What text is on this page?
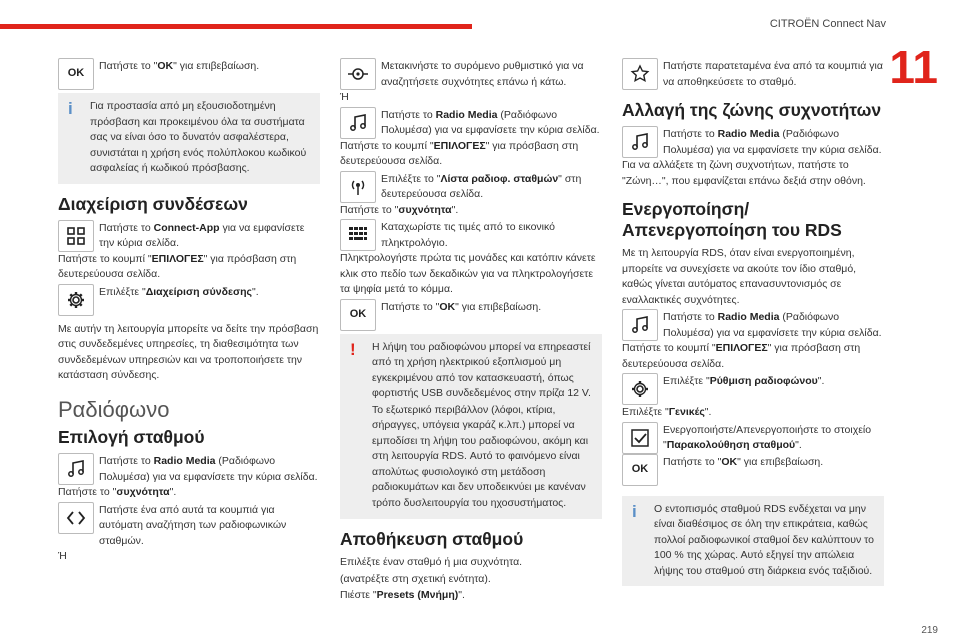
CITROËN Connect Nav
11
219
OK
Πατήστε το "OK" για επιβεβαίωση.
i Για προστασία από μη εξουσιοδοτημένη πρόσβαση και προκειμένου όλα τα συστήματα σας να είναι όσο το δυνατόν ασφαλέστερα, συνιστάται η χρήση ενός πολύπλοκου κωδικού ασφαλείας ή κωδικού πρόσβασης.
Διαχείριση συνδέσεων
Πατήστε το Connect-App για να εμφανίσετε την κύρια σελίδα.

Πατήστε το κουμπί "ΕΠΙΛΟΓΕΣ" για πρόσβαση στη δευτερεύουσα σελίδα.

Επιλέξτε "Διαχείριση σύνδεσης".

Με αυτήν τη λειτουργία μπορείτε να δείτε την πρόσβαση στις συνδεδεμένες υπηρεσίες, τη διαθεσιμότητα των συνδεδεμένων υπηρεσιών και να τροποποιήσετε την κατάσταση σύνδεσης.

Ραδιόφωνο
Επιλογή σταθμού
Πατήστε το Radio Media (Ραδιόφωνο Πολυμέσα) για να εμφανίσετε την κύρια σελίδα.

Πατήστε το "συχνότητα".

Πατήστε ένα από αυτά τα κουμπιά για αυτόματη αναζήτηση των ραδιοφωνικών σταθμών.

Ή

Μετακινήστε το συρόμενο ρυθμιστικό για να αναζητήσετε συχνότητες επάνω ή κάτω.

Ή

Πατήστε το Radio Media (Ραδιόφωνο Πολυμέσα) για να εμφανίσετε την κύρια σελίδα.

Πατήστε το κουμπί "ΕΠΙΛΟΓΕΣ" για πρόσβαση στη δευτερεύουσα σελίδα.

Επιλέξτε το "Λίστα ραδιοφ. σταθμών" στη δευτερεύουσα σελίδα.

Πατήστε το "συχνότητα".

Καταχωρίστε τις τιμές από το εικονικό πληκτρολόγιο.

Πληκτρολογήστε πρώτα τις μονάδες και κατόπιν κάνετε κλικ στο πεδίο των δεκαδικών για να πληκτρολογήσετε τα ψηφία μετά το κόμμα.

OK
Πατήστε το "OK" για επιβεβαίωση.
! Η λήψη του ραδιοφώνου μπορεί να επηρεαστεί από τη χρήση ηλεκτρικού εξοπλισμού μη εγκεκριμένου από τον κατασκευαστή, όπως φορτιστής USB συνδεδεμένος στην πρίζα 12 V.

Το εξωτερικό περιβάλλον (λόφοι, κτίρια, σήραγγες, υπόγεια γκαράζ κ.λπ.) μπορεί να εμποδίσει τη λήψη του ραδιοφώνου, ακόμη και στη λειτουργία RDS. Αυτό το φαινόμενο είναι απολύτως φυσιολογικό στη μετάδοση ραδιοκυμάτων και δεν υποδεικνύει με κανέναν τρόπο δυσλειτουργία του ηχοσυστήματος.

Αποθήκευση σταθμού

Επιλέξτε έναν σταθμό ή μια συχνότητα.

(ανατρέξτε στη σχετική ενότητα).

Πιέστε "Presets (Μνήμη)".

Πατήστε παρατεταμένα ένα από τα κουμπιά για να αποθηκεύσετε το σταθμό.
Αλλαγή της ζώνης συχνοτήτων
Πατήστε το Radio Media (Ραδιόφωνο Πολυμέσα) για να εμφανίσετε την κύρια σελίδα.

Για να αλλάξετε τη ζώνη συχνοτήτων, πατήστε το "Ζώνη…", που εμφανίζεται επάνω δεξιά στην οθόνη.

Ενεργοποίηση/ Απενεργοποίηση του RDS

Με τη λειτουργία RDS, όταν είναι ενεργοποιημένη, μπορείτε να συνεχίσετε να ακούτε τον ίδιο σταθμό, καθώς γίνεται αυτόματος επανασυντονισμός σε εναλλακτικές συχνότητες.

Πατήστε το Radio Media (Ραδιόφωνο Πολυμέσα) για να εμφανίσετε την κύρια σελίδα.

Πατήστε το κουμπί "ΕΠΙΛΟΓΕΣ" για πρόσβαση στη δευτερεύουσα σελίδα.

Επιλέξτε "Ρύθμιση ραδιοφώνου".

Επιλέξτε "Γενικές".

Ενεργοποιήστε/Απενεργοποιήστε το στοιχείο "Παρακολούθηση σταθμού".
OK
Πατήστε το "OK" για επιβεβαίωση.
i Ο εντοπισμός σταθμού RDS ενδέχεται να μην είναι διαθέσιμος σε όλη την επικράτεια, καθώς πολλοί ραδιοφωνικοί σταθμοί δεν καλύπτουν το 100 % της χώρας. Αυτό εξηγεί την απώλεια λήψης του σταθμού στη διάρκεια ενός ταξιδιού.
